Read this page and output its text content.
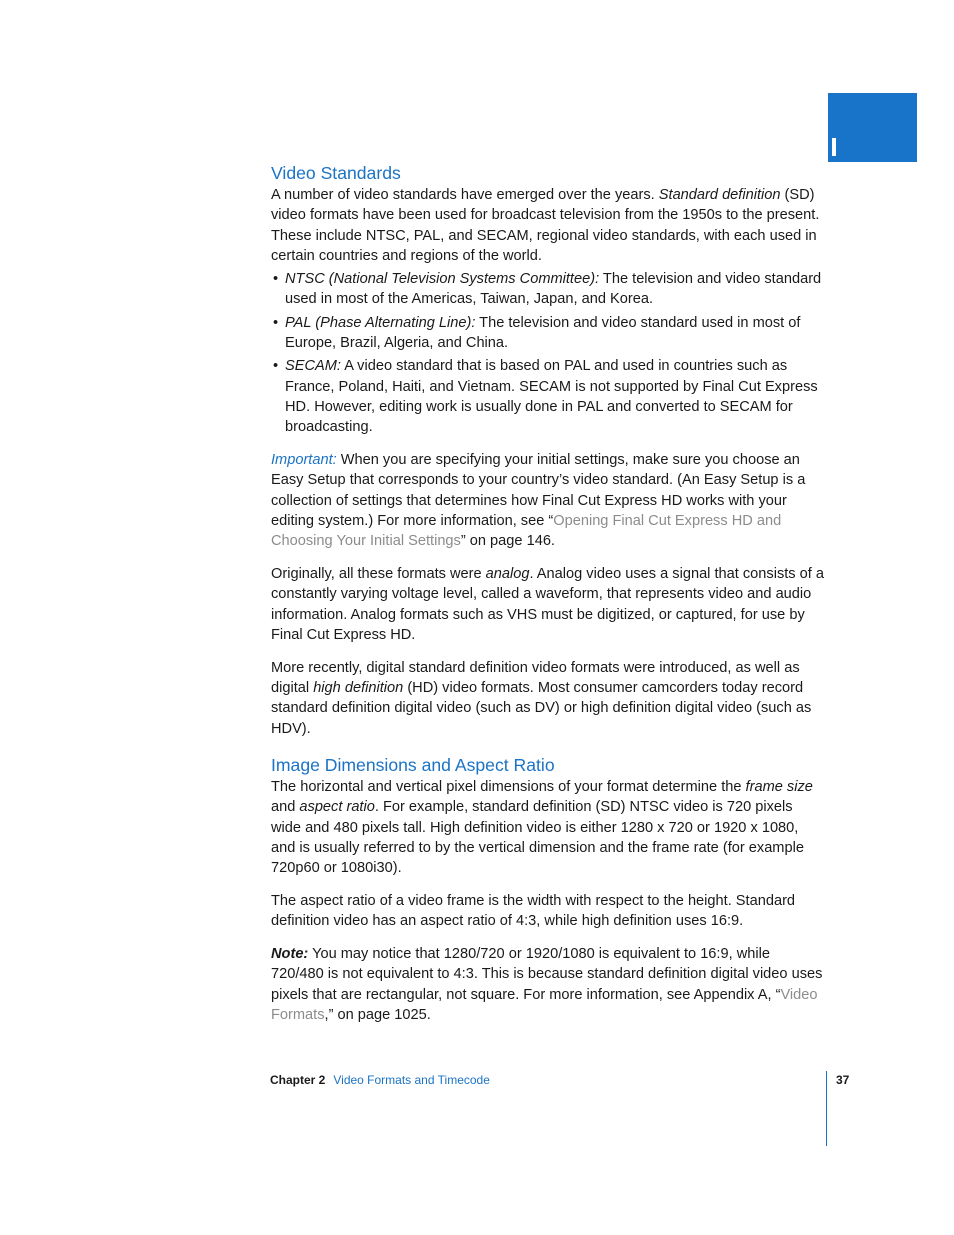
Video Standards

A number of video standards have emerged over the years. Standard definition (SD) video formats have been used for broadcast television from the 1950s to the present. These include NTSC, PAL, and SECAM, regional video standards, with each used in certain countries and regions of the world.

• NTSC (National Television Systems Committee): The television and video standard used in most of the Americas, Taiwan, Japan, and Korea.
• PAL (Phase Alternating Line): The television and video standard used in most of Europe, Brazil, Algeria, and China.
• SECAM: A video standard that is based on PAL and used in countries such as France, Poland, Haiti, and Vietnam. SECAM is not supported by Final Cut Express HD. However, editing work is usually done in PAL and converted to SECAM for broadcasting.

Important: When you are specifying your initial settings, make sure you choose an Easy Setup that corresponds to your country’s video standard. (An Easy Setup is a collection of settings that determines how Final Cut Express HD works with your editing system.) For more information, see “Opening Final Cut Express HD and Choosing Your Initial Settings” on page 146.

Originally, all these formats were analog. Analog video uses a signal that consists of a constantly varying voltage level, called a waveform, that represents video and audio information. Analog formats such as VHS must be digitized, or captured, for use by Final Cut Express HD.

More recently, digital standard definition video formats were introduced, as well as digital high definition (HD) video formats. Most consumer camcorders today record standard definition digital video (such as DV) or high definition digital video (such as HDV).

Image Dimensions and Aspect Ratio

The horizontal and vertical pixel dimensions of your format determine the frame size and aspect ratio. For example, standard definition (SD) NTSC video is 720 pixels wide and 480 pixels tall. High definition video is either 1280 x 720 or 1920 x 1080, and is usually referred to by the vertical dimension and the frame rate (for example 720p60 or 1080i30).

The aspect ratio of a video frame is the width with respect to the height. Standard definition video has an aspect ratio of 4:3, while high definition uses 16:9.

Note: You may notice that 1280/720 or 1920/1080 is equivalent to 16:9, while 720/480 is not equivalent to 4:3. This is because standard definition digital video uses pixels that are rectangular, not square. For more information, see Appendix A, “Video Formats,” on page 1025.

Chapter 2 Video Formats and Timecode	37
